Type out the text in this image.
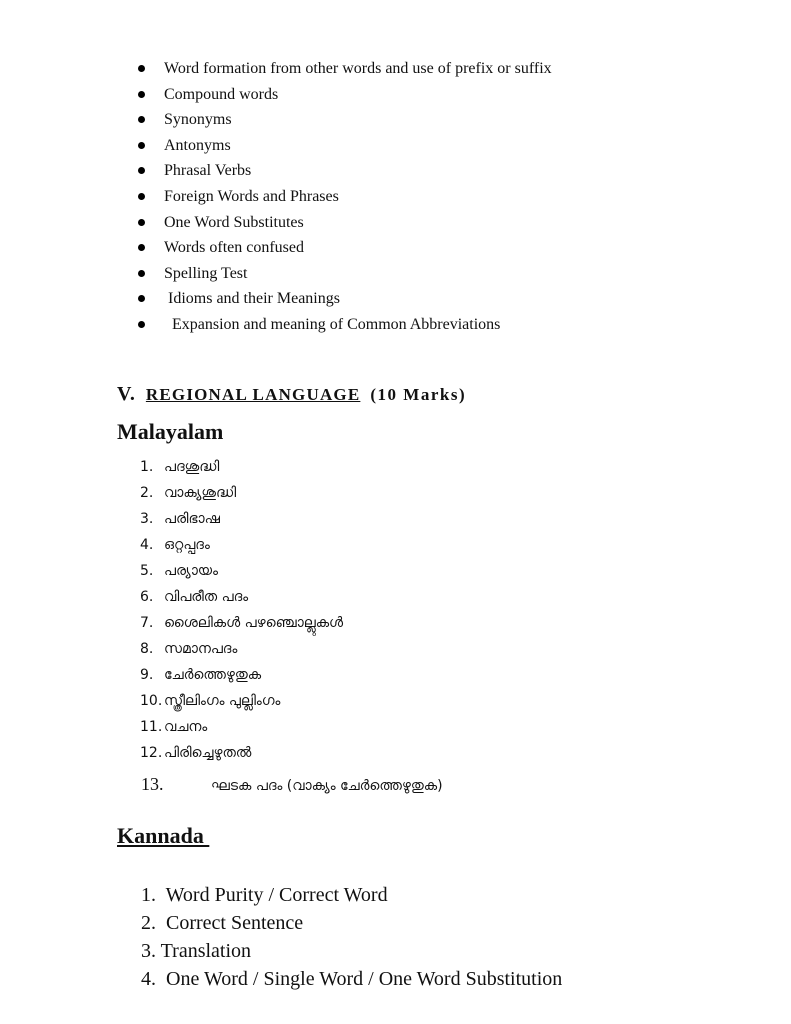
Word formation from other words and use of prefix or suffix
Compound words
Synonyms
Antonyms
Phrasal Verbs
Foreign Words and Phrases
One Word Substitutes
Words often confused
Spelling Test
Idioms and their Meanings
Expansion and meaning of Common Abbreviations
V. REGIONAL LANGUAGE (10 Marks)
Malayalam
1. പദശുദ്ധി
2. വാക്യശുദ്ധി
3. പരിഭാഷ
4. ഒറ്റപ്പദം
5. പര്യായം
6. വിപരീത പദം
7. ശൈലികൾ പഴഞ്ചൊല്ലുകൾ
8. സമാനപദം
9. ചേർത്തെഴുതുക
10. സ്ത്രീലിംഗം പുല്ലിംഗം
11. വചനം
12. പിരിച്ചെഴുതൽ
13.	ഘടക പദം (വാക്യം ചേർത്തെഴുതുക)
Kannada
1.  Word Purity / Correct Word
2.  Correct Sentence
3. Translation
4.  One Word / Single Word / One Word Substitution
